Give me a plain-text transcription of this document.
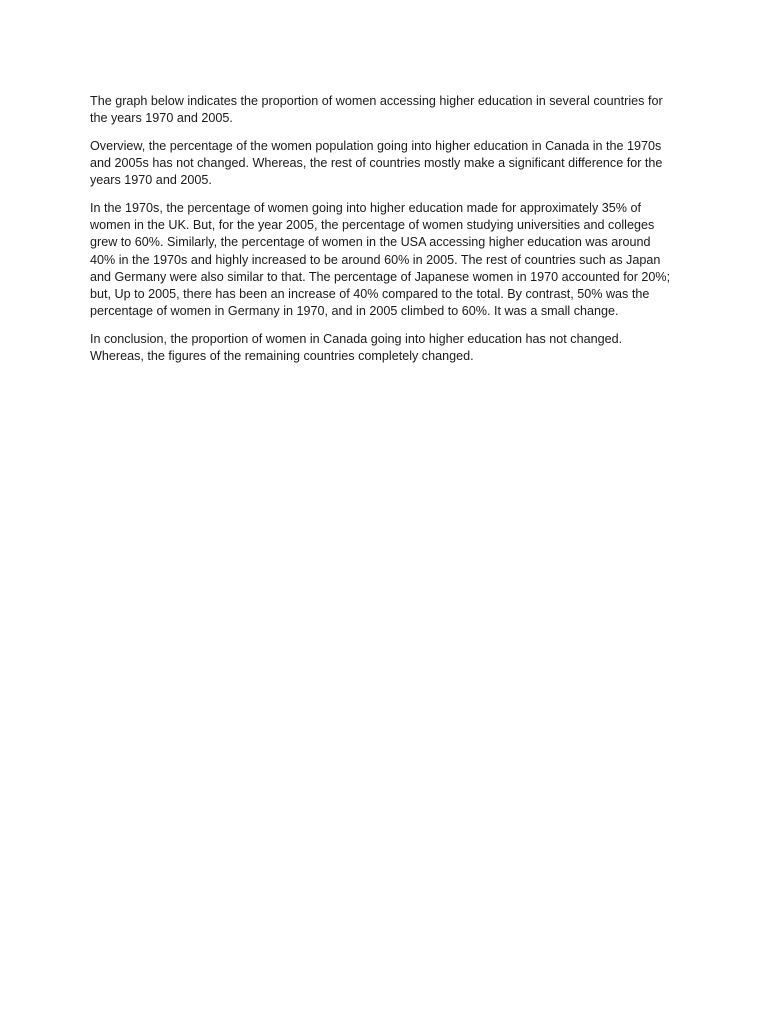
The graph below indicates the proportion of women accessing higher education in several countries for
the years 1970 and 2005.

Overview, the percentage of the women population going into higher education in Canada in the 1970s
and 2005s has not changed. Whereas, the rest of countries mostly make a significant difference for the
years 1970 and 2005.

In the 1970s, the percentage of women going into higher education made for approximately 35% of
women in the UK. But, for the year 2005, the percentage of women studying universities and colleges
grew to 60%. Similarly, the percentage of women in the USA accessing higher education was around
40% in the 1970s and highly increased to be around 60% in 2005. The rest of countries such as Japan
and Germany were also similar to that. The percentage of Japanese women in 1970 accounted for 20%;
but, Up to 2005, there has been an increase of 40% compared to the total. By contrast, 50% was the
percentage of women in Germany in 1970, and in 2005 climbed to 60%. It was a small change.

In conclusion, the proportion of women in Canada going into higher education has not changed.
Whereas, the figures of the remaining countries completely changed.
